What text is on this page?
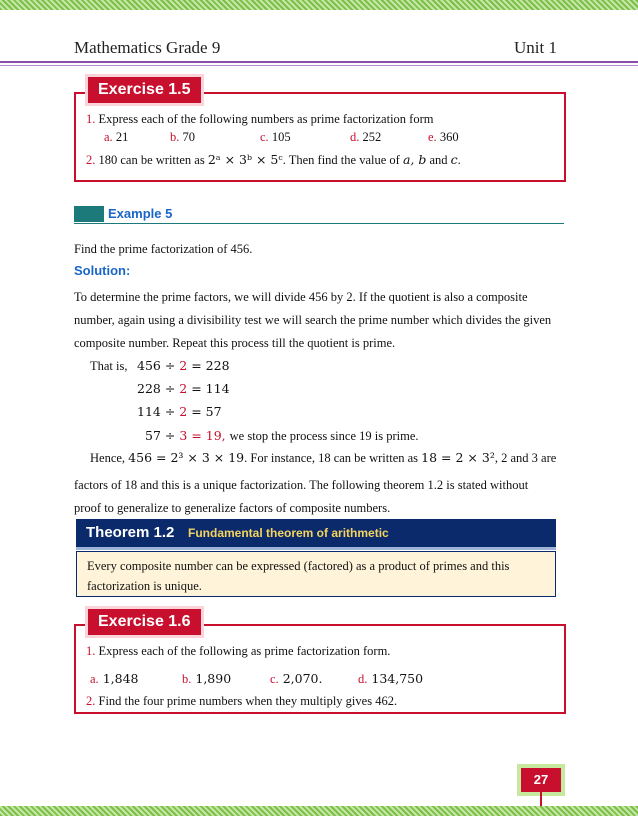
Mathematics Grade 9	Unit 1
1. Express each of the following numbers as prime factorization form
a. 21	b. 70	c. 105	d. 252	e. 360
2. 180 can be written as 2ᵃ × 3ᵇ × 5ᶜ. Then find the value of a, b and c.
Exercise 1.5
Example 5
Find the prime factorization of 456.
Solution:
To determine the prime factors, we will divide 456 by 2. If the quotient is also a composite
number, again using a divisibility test we will search the prime number which divides the given
composite number. Repeat this process till the quotient is prime.
That is, 456 ÷ 2 = 228
228 ÷ 2 = 114
114 ÷ 2 = 57
57 ÷ 3 = 19, we stop the process since 19 is prime.
Hence, 456 = 2³ × 3 × 19. For instance, 18 can be written as 18 = 2 × 3², 2 and 3 are
factors of 18 and this is a unique factorization. The following theorem 1.2 is stated without
proof to generalize to generalize factors of composite numbers.
Theorem 1.2 Fundamental theorem of arithmetic
Every composite number can be expressed (factored) as a product of primes and this
factorization is unique.
1. Express each of the following as prime factorization form.
a. 1,848	b. 1,890	c. 2,070.	d. 134,750
2. Find the four prime numbers when they multiply gives 462.
Exercise 1.6
27
